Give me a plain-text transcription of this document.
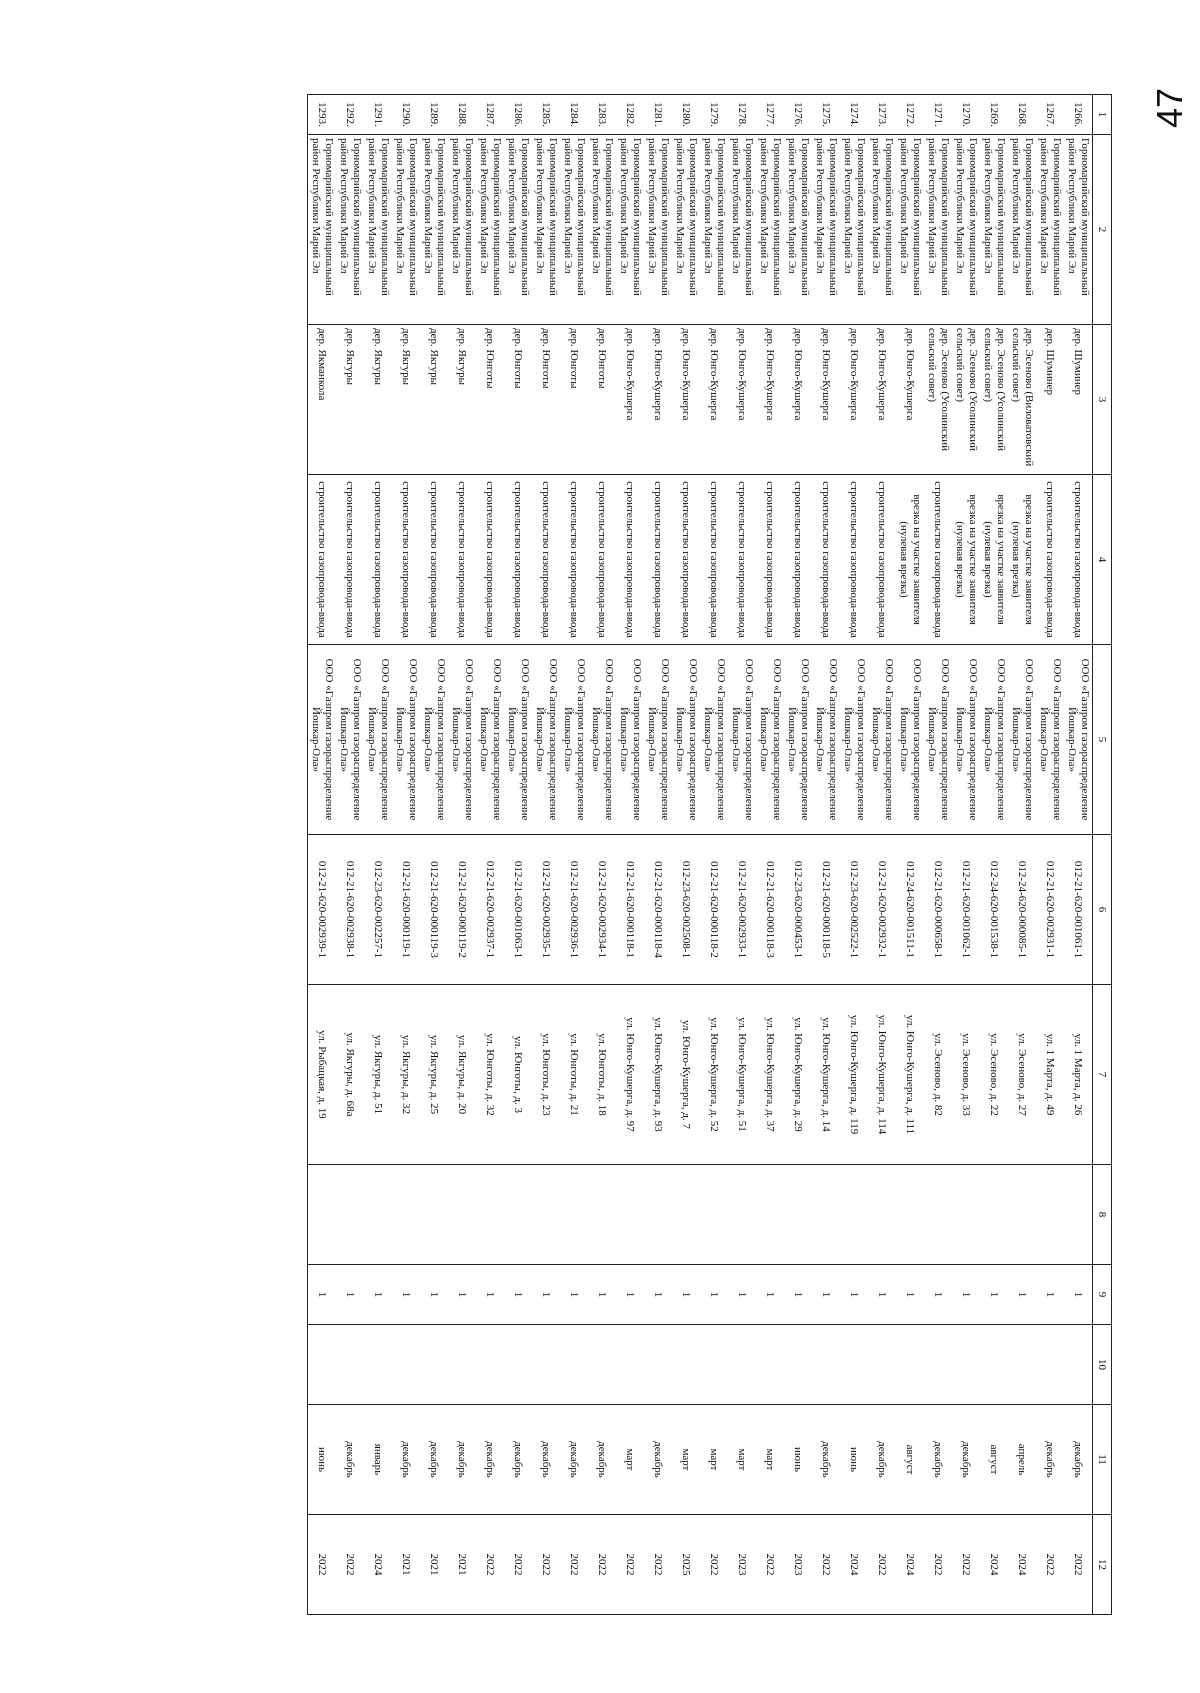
47
1	2	3	4	5	6	7	8	9	10	11	12
1266.	Горномарийский муниципальный район Республики Марий Эл	дер. Шуминер	строительство газопровода-ввода	ООО «Газпром газораспределение Йошкар-Ола»	012-21-620-001061-1	ул. 1 Марта, д. 26		1		декабрь	2022
1267.	Горномарийский муниципальный район Республики Марий Эл	дер. Шуминер	строительство газопровода-ввода	ООО «Газпром газораспределение Йошкар-Ола»	012-21-620-002931-1	ул. 1 Марта, д. 49		1		декабрь	2022
1268.	Горномарийский муниципальный район Республики Марий Эл	дер. Эсеново (Виловатовский сельский совет)	врезка на участке заявителя (нулевая врезка)	ООО «Газпром газораспределение Йошкар-Ола»	012-24-620-000085-1	ул. Эсеново, д. 27		1		апрель	2024
1269.	Горномарийский муниципальный район Республики Марий Эл	дер. Эсеново (Усолинский сельский совет)	врезка на участке заявителя (нулевая врезка)	ООО «Газпром газораспределение Йошкар-Ола»	012-24-620-001538-1	ул. Эсеново, д. 22		1		август	2024
1270.	Горномарийский муниципальный район Республики Марий Эл	дер. Эсеново (Усолинский сельский совет)	врезка на участке заявителя (нулевая врезка)	ООО «Газпром газораспределение Йошкар-Ола»	012-21-620-001062-1	ул. Эсеново, д. 33		1		декабрь	2022
1271.	Горномарийский муниципальный район Республики Марий Эл	дер. Эсеново (Усолинский сельский совет)	строительство газопровода-ввода	ООО «Газпром газораспределение Йошкар-Ола»	012-21-620-000658-1	ул. Эсеново, д. 82		1		декабрь	2022
1272.	Горномарийский муниципальный район Республики Марий Эл	дер. Юнго-Кушерга	врезка на участке заявителя (нулевая врезка)	ООО «Газпром газораспределение Йошкар-Ола»	012-24-620-001511-1	ул. Юнго-Кушерга, д. 111		1		август	2024
1273.	Горномарийский муниципальный район Республики Марий Эл	дер. Юнго-Кушерга	строительство газопровода-ввода	ООО «Газпром газораспределение Йошкар-Ола»	012-21-620-002932-1	ул. Юнго-Кушерга, д. 114		1		декабрь	2022
1274.	Горномарийский муниципальный район Республики Марий Эл	дер. Юнго-Кушерга	строительство газопровода-ввода	ООО «Газпром газораспределение Йошкар-Ола»	012-23-620-002522-1	ул. Юнго-Кушерга, д. 119		1		июнь	2024
1275.	Горномарийский муниципальный район Республики Марий Эл	дер. Юнго-Кушерга	строительство газопровода-ввода	ООО «Газпром газораспределение Йошкар-Ола»	012-21-620-000118-5	ул. Юнго-Кушерга, д. 14		1		декабрь	2022
1276.	Горномарийский муниципальный район Республики Марий Эл	дер. Юнго-Кушерга	строительство газопровода-ввода	ООО «Газпром газораспределение Йошкар-Ола»	012-23-620-000453-1	ул. Юнго-Кушерга, д. 29		1		июнь	2023
1277.	Горномарийский муниципальный район Республики Марий Эл	дер. Юнго-Кушерга	строительство газопровода-ввода	ООО «Газпром газораспределение Йошкар-Ола»	012-21-620-000118-3	ул. Юнго-Кушерга, д. 37		1		март	2022
1278.	Горномарийский муниципальный район Республики Марий Эл	дер. Юнго-Кушерга	строительство газопровода-ввода	ООО «Газпром газораспределение Йошкар-Ола»	012-21-620-002933-1	ул. Юнго-Кушерга, д. 51		1		март	2023
1279.	Горномарийский муниципальный район Республики Марий Эл	дер. Юнго-Кушерга	строительство газопровода-ввода	ООО «Газпром газораспределение Йошкар-Ола»	012-21-620-000118-2	ул. Юнго-Кушерга, д. 52		1		март	2022
1280.	Горномарийский муниципальный район Республики Марий Эл	дер. Юнго-Кушерга	строительство газопровода-ввода	ООО «Газпром газораспределение Йошкар-Ола»	012-23-620-002508-1	ул. Юнго-Кушерга, д. 7		1		март	2025
1281.	Горномарийский муниципальный район Республики Марий Эл	дер. Юнго-Кушерга	строительство газопровода-ввода	ООО «Газпром газораспределение Йошкар-Ола»	012-21-620-000118-4	ул. Юнго-Кушерга, д. 93		1		декабрь	2022
1282.	Горномарийский муниципальный район Республики Марий Эл	дер. Юнго-Кушерга	строительство газопровода-ввода	ООО «Газпром газораспределение Йошкар-Ола»	012-21-620-000118-1	ул. Юнго-Кушерга, д. 97		1		март	2022
1283.	Горномарийский муниципальный район Республики Марий Эл	дер. Юнготы	строительство газопровода-ввода	ООО «Газпром газораспределение Йошкар-Ола»	012-21-620-002934-1	ул. Юнготы, д. 18		1		декабрь	2022
1284.	Горномарийский муниципальный район Республики Марий Эл	дер. Юнготы	строительство газопровода-ввода	ООО «Газпром газораспределение Йошкар-Ола»	012-21-620-002936-1	ул. Юнготы, д. 21		1		декабрь	2022
1285.	Горномарийский муниципальный район Республики Марий Эл	дер. Юнготы	строительство газопровода-ввода	ООО «Газпром газораспределение Йошкар-Ола»	012-21-620-002935-1	ул. Юнготы, д. 23		1		декабрь	2022
1286.	Горномарийский муниципальный район Республики Марий Эл	дер. Юнготы	строительство газопровода-ввода	ООО «Газпром газораспределение Йошкар-Ола»	012-21-620-001063-1	ул. Юнготы, д. 3		1		декабрь	2022
1287.	Горномарийский муниципальный район Республики Марий Эл	дер. Юнготы	строительство газопровода-ввода	ООО «Газпром газораспределение Йошкар-Ола»	012-21-620-002937-1	ул. Юнготы, д. 32		1		декабрь	2022
1288.	Горномарийский муниципальный район Республики Марий Эл	дер. Якгуры	строительство газопровода-ввода	ООО «Газпром газораспределение Йошкар-Ола»	012-21-620-000119-2	ул. Якгуры, д. 20		1		декабрь	2021
1289.	Горномарийский муниципальный район Республики Марий Эл	дер. Якгуры	строительство газопровода-ввода	ООО «Газпром газораспределение Йошкар-Ола»	012-21-620-000119-3	ул. Якгуры, д. 25		1		декабрь	2021
1290.	Горномарийский муниципальный район Республики Марий Эл	дер. Якгуры	строительство газопровода-ввода	ООО «Газпром газораспределение Йошкар-Ола»	012-21-620-000119-1	ул. Якгуры, д. 32		1		декабрь	2021
1291.	Горномарийский муниципальный район Республики Марий Эл	дер. Якгуры	строительство газопровода-ввода	ООО «Газпром газораспределение Йошкар-Ола»	012-23-620-002257-1	ул. Якгуры, д. 51		1		январь	2024
1292.	Горномарийский муниципальный район Республики Марий Эл	дер. Якгуры	строительство газопровода-ввода	ООО «Газпром газораспределение Йошкар-Ола»	012-21-620-002938-1	ул. Якгуры, д. 68а		1		декабрь	2022
1293.	Горномарийский муниципальный район Республики Марий Эл	дер. Якманкола	строительство газопровода-ввода	ООО «Газпром газораспределение Йошкар-Ола»	012-21-620-002939-1	ул. Рыбацкая, д. 19		1		июнь	2022
